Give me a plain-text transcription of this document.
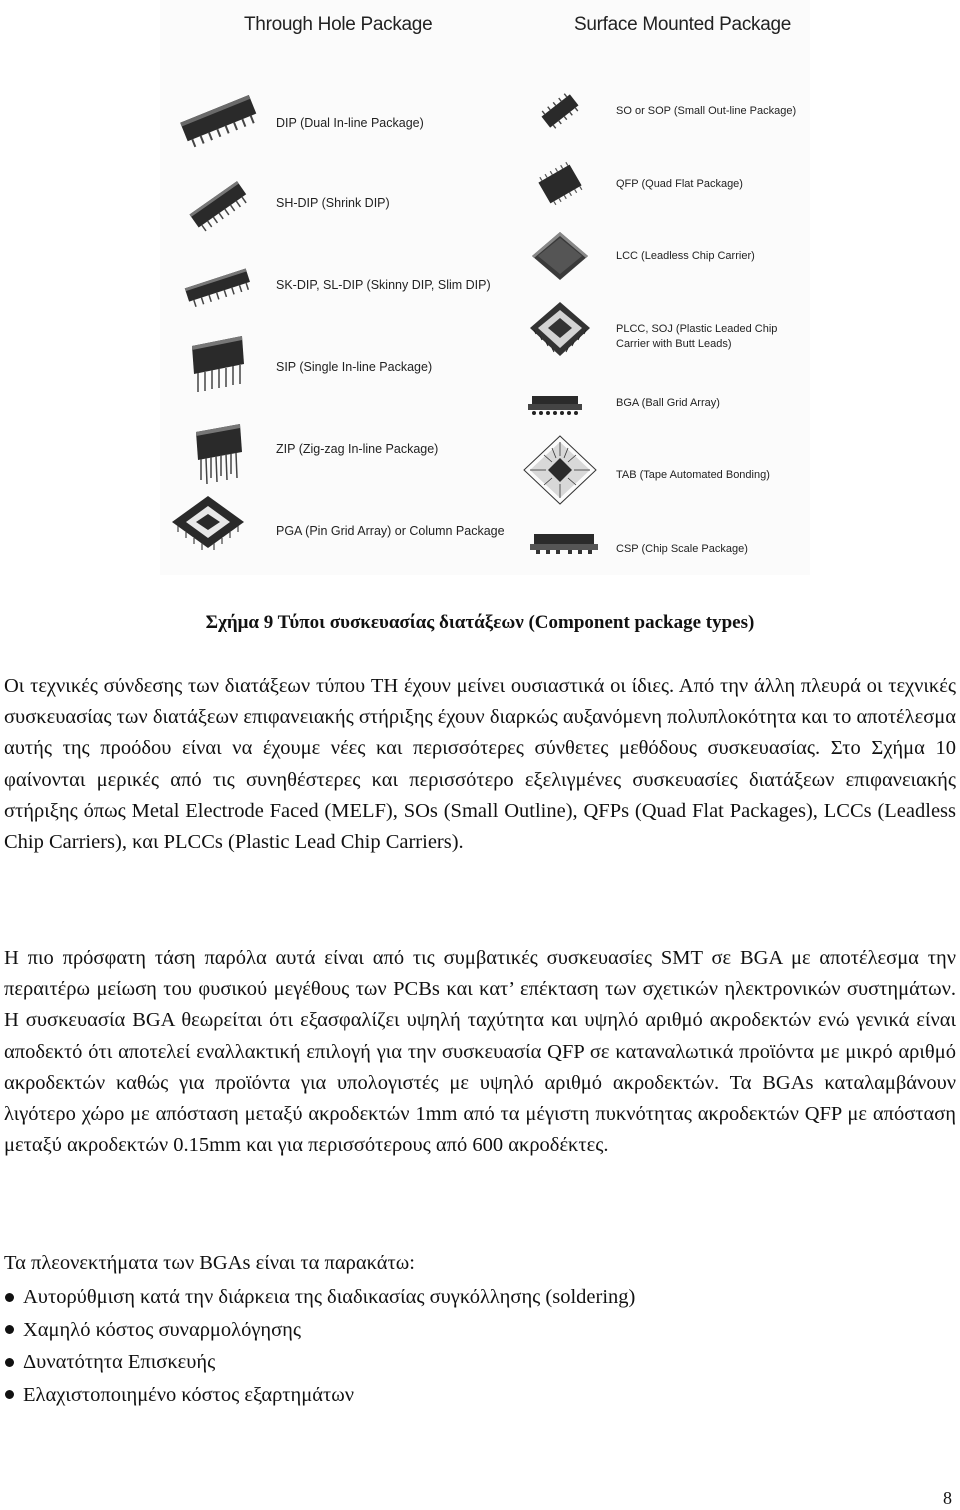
Through Hole Package	Surface Mounted Package
DIP (Dual In-line Package)
SH-DIP (Shrink DIP)
SK-DIP, SL-DIP (Skinny DIP, Slim DIP)
SIP (Single In-line Package)
ZIP (Zig-zag In-line Package)
PGA (Pin Grid Array) or Column Package
SO or SOP (Small Out-line Package)
QFP (Quad Flat Package)
LCC (Leadless Chip Carrier)
PLCC, SOJ (Plastic Leaded Chip
Carrier with Butt Leads)
BGA (Ball Grid Array)
TAB (Tape Automated Bonding)
CSP (Chip Scale Package)
Σχήμα 9 Τύποι συσκευασίας διατάξεων (Component package types)

Οι τεχνικές σύνδεσης των διατάξεων τύπου TH έχουν μείνει ουσιαστικά οι ίδιες. Από την άλλη πλευρά οι τεχνικές συσκευασίας των διατάξεων επιφανειακής στήριξης έχουν διαρκώς αυξανόμενη πολυπλοκότητα και το αποτέλεσμα αυτής της προόδου είναι να έχουμε νέες και περισσότερες σύνθετες μεθόδους συσκευασίας. Στο Σχήμα 10 φαίνονται μερικές από τις συνηθέστερες και περισσότερο εξελιγμένες συσκευασίες διατάξεων επιφανειακής στήριξης όπως Metal Electrode Faced (MELF), SOs (Small Outline), QFPs (Quad Flat Packages), LCCs (Leadless Chip Carriers), και PLCCs (Plastic Lead Chip Carriers).

Η πιο πρόσφατη τάση παρόλα αυτά είναι από τις συμβατικές συσκευασίες SMT σε BGA με αποτέλεσμα την περαιτέρω μείωση του φυσικού μεγέθους των PCBs και κατ’ επέκταση των σχετικών ηλεκτρονικών συστημάτων. Η συσκευασία BGA θεωρείται ότι εξασφαλίζει υψηλή ταχύτητα και υψηλό αριθμό ακροδεκτών ενώ γενικά είναι αποδεκτό ότι αποτελεί εναλλακτική επιλογή για την συσκευασία QFP σε καταναλωτικά προϊόντα με μικρό αριθμό ακροδεκτών καθώς για προϊόντα για υπολογιστές με υψηλό αριθμό ακροδεκτών. Τα BGAs καταλαμβάνουν λιγότερο χώρο με απόσταση μεταξύ ακροδεκτών 1mm από τα μέγιστη πυκνότητας ακροδεκτών QFP με απόσταση μεταξύ ακροδεκτών 0.15mm και για περισσότερους από 600 ακροδέκτες.

Τα πλεονεκτήματα των BGAs είναι τα παρακάτω:

Αυτορύθμιση κατά την διάρκεια της διαδικασίας συγκόλλησης (soldering)
Χαμηλό κόστος συναρμολόγησης
Δυνατότητα Επισκευής
Ελαχιστοποιημένο κόστος εξαρτημάτων
8
